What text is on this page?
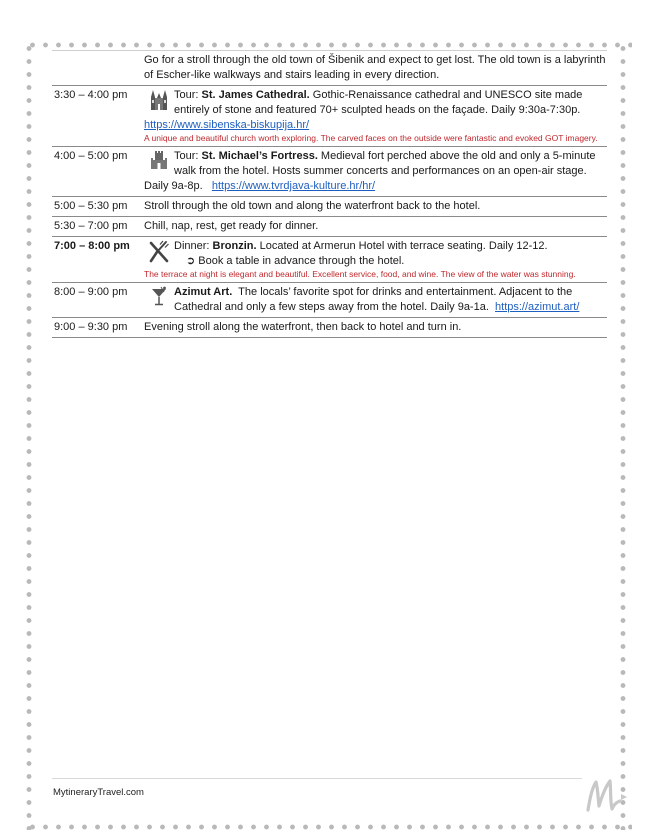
Go for a stroll through the old town of Šibenik and expect to get lost. The old town is a labyrinth of Escher-like walkways and stairs leading in every direction.
3:30 – 4:00 pm	Tour: St. James Cathedral. Gothic-Renaissance cathedral and UNESCO site made entirely of stone and featured 70+ sculpted heads on the façade. Daily 9:30a-7:30p.
https://www.sibenska-biskupija.hr/
A unique and beautiful church worth exploring. The carved faces on the outside were fantastic and evoked GOT imagery.
4:00 – 5:00 pm	Tour: St. Michael’s Fortress. Medieval fort perched above the old and only a 5-minute walk from the hotel. Hosts summer concerts and performances on an open-air stage.
Daily 9a-8p.   https://www.tvrdjava-kulture.hr/hr/
5:00 – 5:30 pm	Stroll through the old town and along the waterfront back to the hotel.
5:30 – 7:00 pm	Chill, nap, rest, get ready for dinner.
7:00 – 8:00 pm	Dinner: Bronzin. Located at Armerun Hotel with terrace seating. Daily 12-12.
➲ Book a table in advance through the hotel.
The terrace at night is elegant and beautiful. Excellent service, food, and wine. The view of the water was stunning.
8:00 – 9:00 pm	Azimut Art.  The locals’ favorite spot for drinks and entertainment. Adjacent to the Cathedral and only a few steps away from the hotel. Daily 9a-1a.  https://azimut.art/
9:00 – 9:30 pm	Evening stroll along the waterfront, then back to hotel and turn in.
MytineraryTravel.com
